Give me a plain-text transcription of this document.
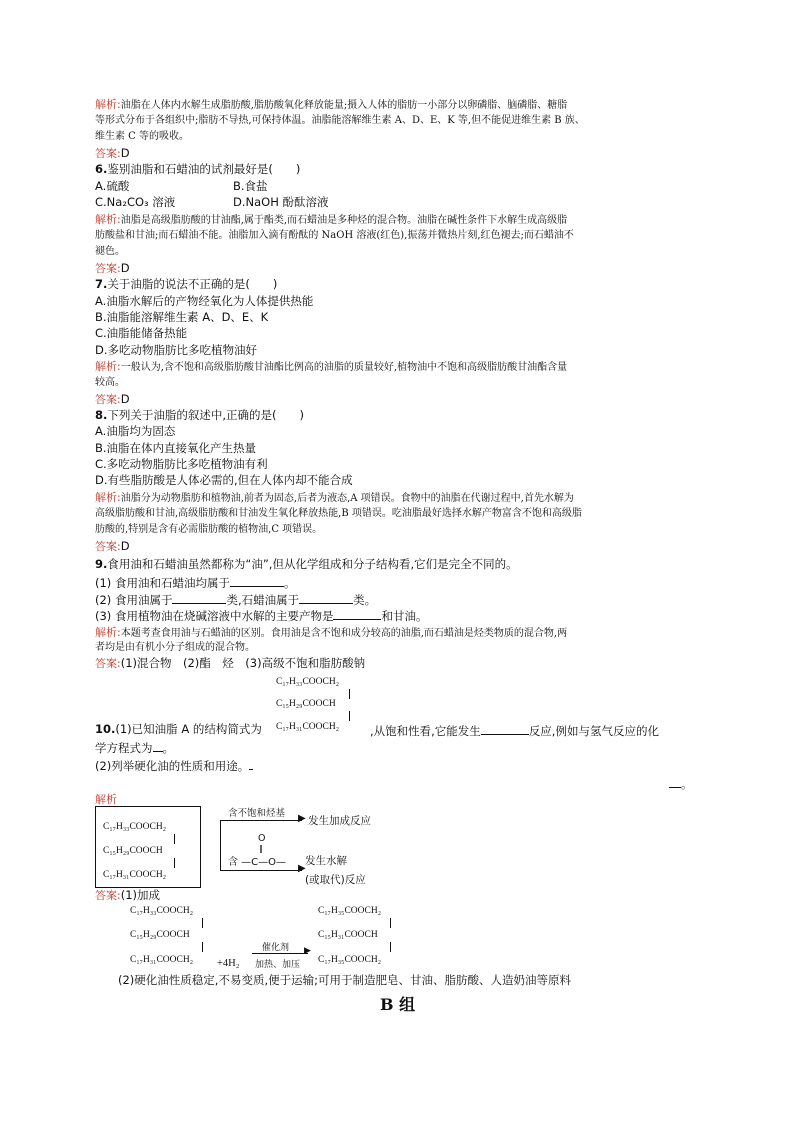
解析:油脂在人体内水解生成脂肪酸,脂肪酸氧化释放能量;摄入人体的脂肪一小部分以卵磷脂、脑磷脂、糖脂
等形式分布于各组织中;脂肪不导热,可保持体温。油脂能溶解维生素 A、D、E、K 等,但不能促进维生素 B 族、
维生素 C 等的吸收。
答案:D
6.鉴别油脂和石蜡油的试剂最好是(　　)
A.硫酸	B.食盐
C.Na₂CO₃ 溶液	D.NaOH 酚酞溶液
解析:油脂是高级脂肪酸的甘油酯,属于酯类,而石蜡油是多种烃的混合物。油脂在碱性条件下水解生成高级脂
肪酸盐和甘油;而石蜡油不能。油脂加入滴有酚酞的 NaOH 溶液(红色),振荡并微热片刻,红色褪去;而石蜡油不
褪色。
答案:D
7.关于油脂的说法不正确的是(　　)
A.油脂水解后的产物经氧化为人体提供热能
B.油脂能溶解维生素 A、D、E、K
C.油脂能储备热能
D.多吃动物脂肪比多吃植物油好
解析:一般认为,含不饱和高级脂肪酸甘油酯比例高的油脂的质量较好,植物油中不饱和高级脂肪酸甘油酯含量
较高。
答案:D
8.下列关于油脂的叙述中,正确的是(　　)
A.油脂均为固态
B.油脂在体内直接氧化产生热量
C.多吃动物脂肪比多吃植物油有利
D.有些脂肪酸是人体必需的,但在人体内却不能合成
解析:油脂分为动物脂肪和植物油,前者为固态,后者为液态,A 项错误。食物中的油脂在代谢过程中,首先水解为
高级脂肪酸和甘油,高级脂肪酸和甘油发生氧化释放热能,B 项错误。吃油脂最好选择水解产物富含不饱和高级脂
肪酸的,特别是含有必需脂肪酸的植物油,C 项错误。
答案:D
9.食用油和石蜡油虽然都称为“油”,但从化学组成和分子结构看,它们是完全不同的。
(1) 食用油和石蜡油均属于	。
(2) 食用油属于	类,石蜡油属于	类。
(3) 食用植物油在烧碱溶液中水解的主要产物是	和甘油。
解析:本题考查食用油与石蜡油的区别。食用油是含不饱和成分较高的油脂,而石蜡油是烃类物质的混合物,两
者均是由有机小分子组成的混合物。
答案:(1)混合物　(2)酯　烃　(3)高级不饱和脂肪酸钠
C₁₇H₃₃COOCH₂
C₁₅H₂₉COOCH
10.(1)已知油脂 A 的结构简式为 C₁₇H₃₁COOCH₂	,从饱和性看,它能发生	反应,例如与氢气反应的化
学方程式为 。
(2)列举硬化油的性质和用途。
。
解析
C₁₇H₃₃COOCH₂
C₁₅H₂₉COOCH
C₁₇H₃₁COOCH₂
▶
含不饱和烃基
发生加成反应
O
‖
含 —C—O— 发生水解
▶
(或取代)反应
答案:(1)加成
C₁₇H₃₃COOCH₂
C₁₅H₂₉COOCH
C₁₇H₃₁COOCH₂ +4H₂
催化剂 ▶
加热、加压
C₁₇H₃₅COOCH₂
C₁₅H₃₁COOCH
C₁₇H₃₅COOCH₂
(2)硬化油性质稳定,不易变质,便于运输;可用于制造肥皂、甘油、脂肪酸、人造奶油等原料
B 组
